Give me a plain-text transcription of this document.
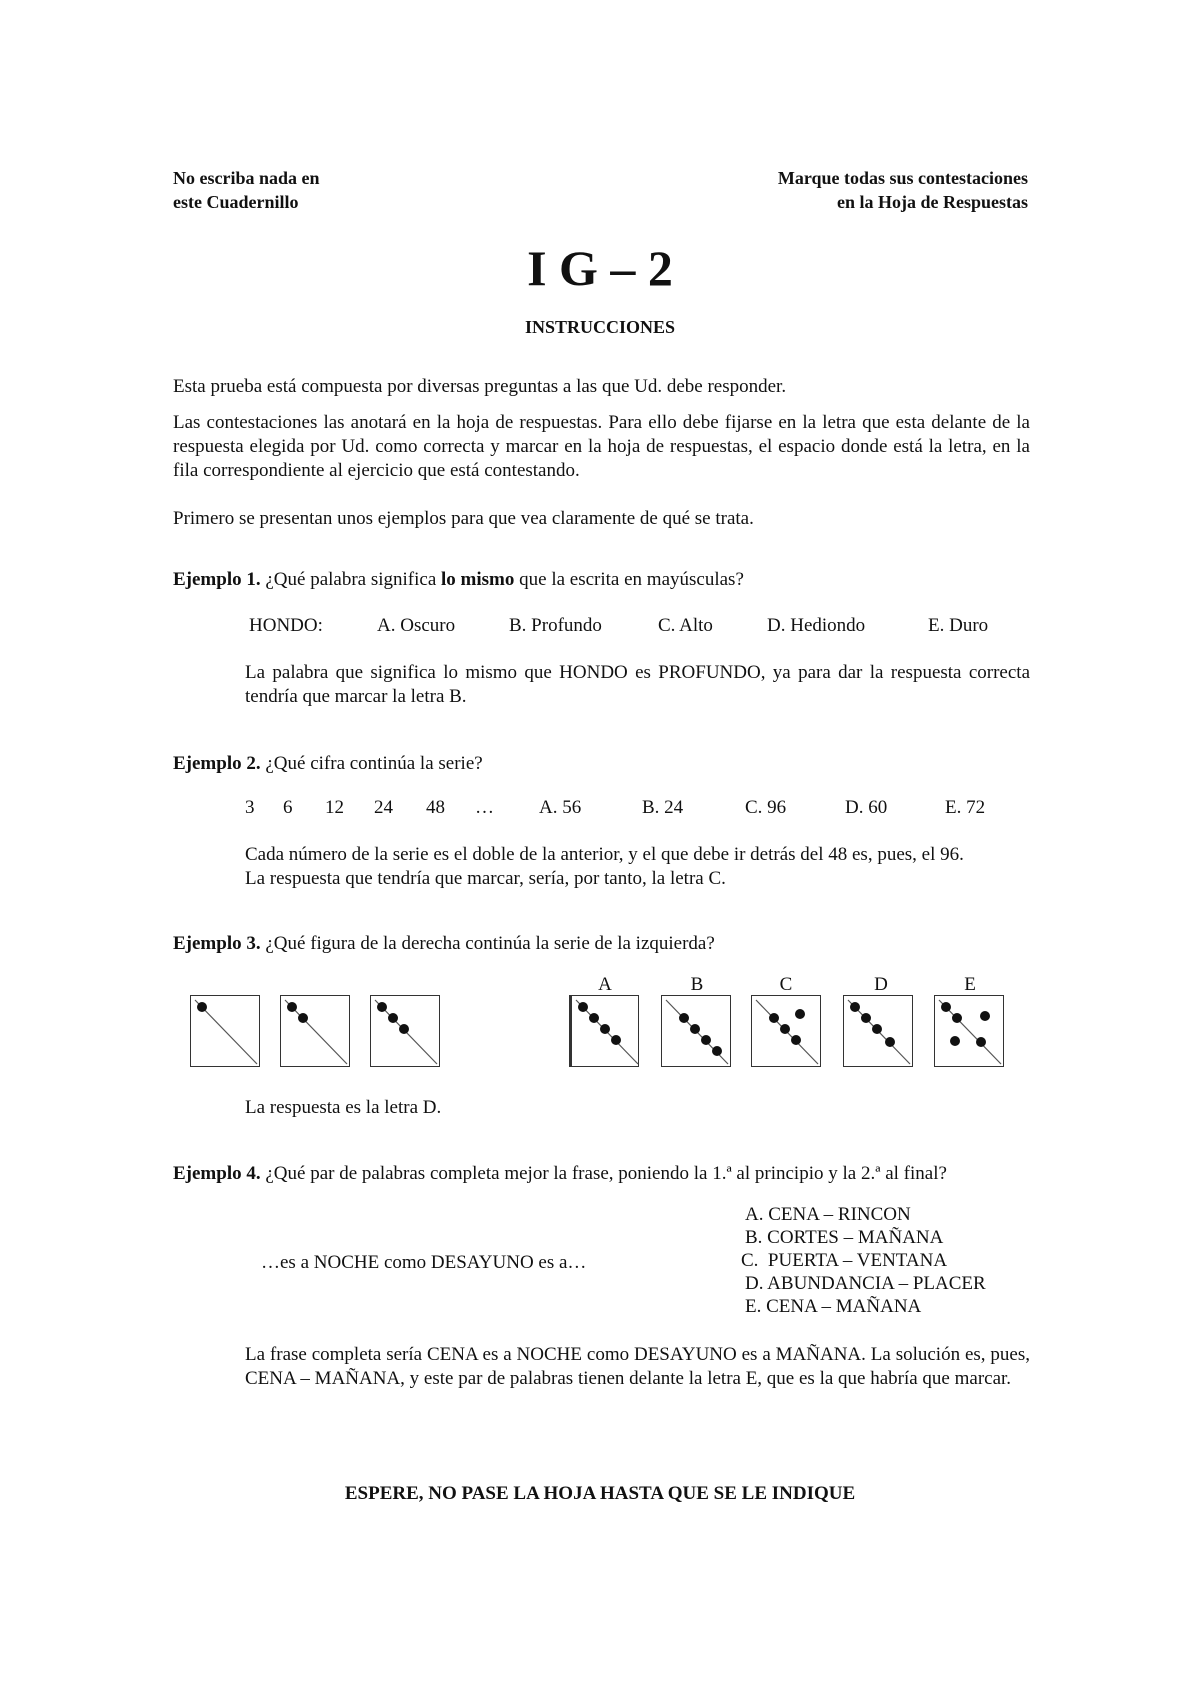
No escriba nada en
este Cuadernillo
Marque todas sus contestaciones
en la Hoja de Respuestas
I G – 2
INSTRUCCIONES

Esta prueba está compuesta por diversas preguntas a las que Ud. debe responder.

Las contestaciones las anotará en la hoja de respuestas. Para ello debe fijarse en la letra que esta delante de la respuesta elegida por Ud. como correcta y marcar en la hoja de respuestas, el espacio donde está la letra, en la fila correspondiente al ejercicio que está contestando.

Primero se presentan unos ejemplos para que vea claramente de qué se trata.

Ejemplo 1. ¿Qué palabra significa lo mismo que la escrita en mayúsculas?
HONDO:	A. Oscuro	B. Profundo	C. Alto	D. Hediondo	E. Duro
La palabra que significa lo mismo que HONDO es PROFUNDO, ya para dar la respuesta correcta tendría que marcar la letra B.
Ejemplo 2. ¿Qué cifra continúa la serie?
3 6 12 24 48 … A. 56	B. 24	C. 96	D. 60	E. 72
Cada número de la serie es el doble de la anterior, y el que debe ir detrás del 48 es, pues, el 96.
La respuesta que tendría que marcar, sería, por tanto, la letra C.
Ejemplo 3. ¿Qué figura de la derecha continúa la serie de la izquierda?
A	B	C	D	E
La respuesta es la letra D.
Ejemplo 4. ¿Qué par de palabras completa mejor la frase, poniendo la 1.ª al principio y la 2.ª al final?
A. CENA – RINCON
B. CORTES – MAÑANA
C.  PUERTA – VENTANA
D. ABUNDANCIA – PLACER
E. CENA – MAÑANA
…es a NOCHE como DESAYUNO es a…
La frase completa sería CENA es a NOCHE como DESAYUNO es a MAÑANA. La solución es, pues, CENA – MAÑANA, y este par de palabras tienen delante la letra E, que es la que habría que marcar.
ESPERE, NO PASE LA HOJA HASTA QUE SE LE INDIQUE
